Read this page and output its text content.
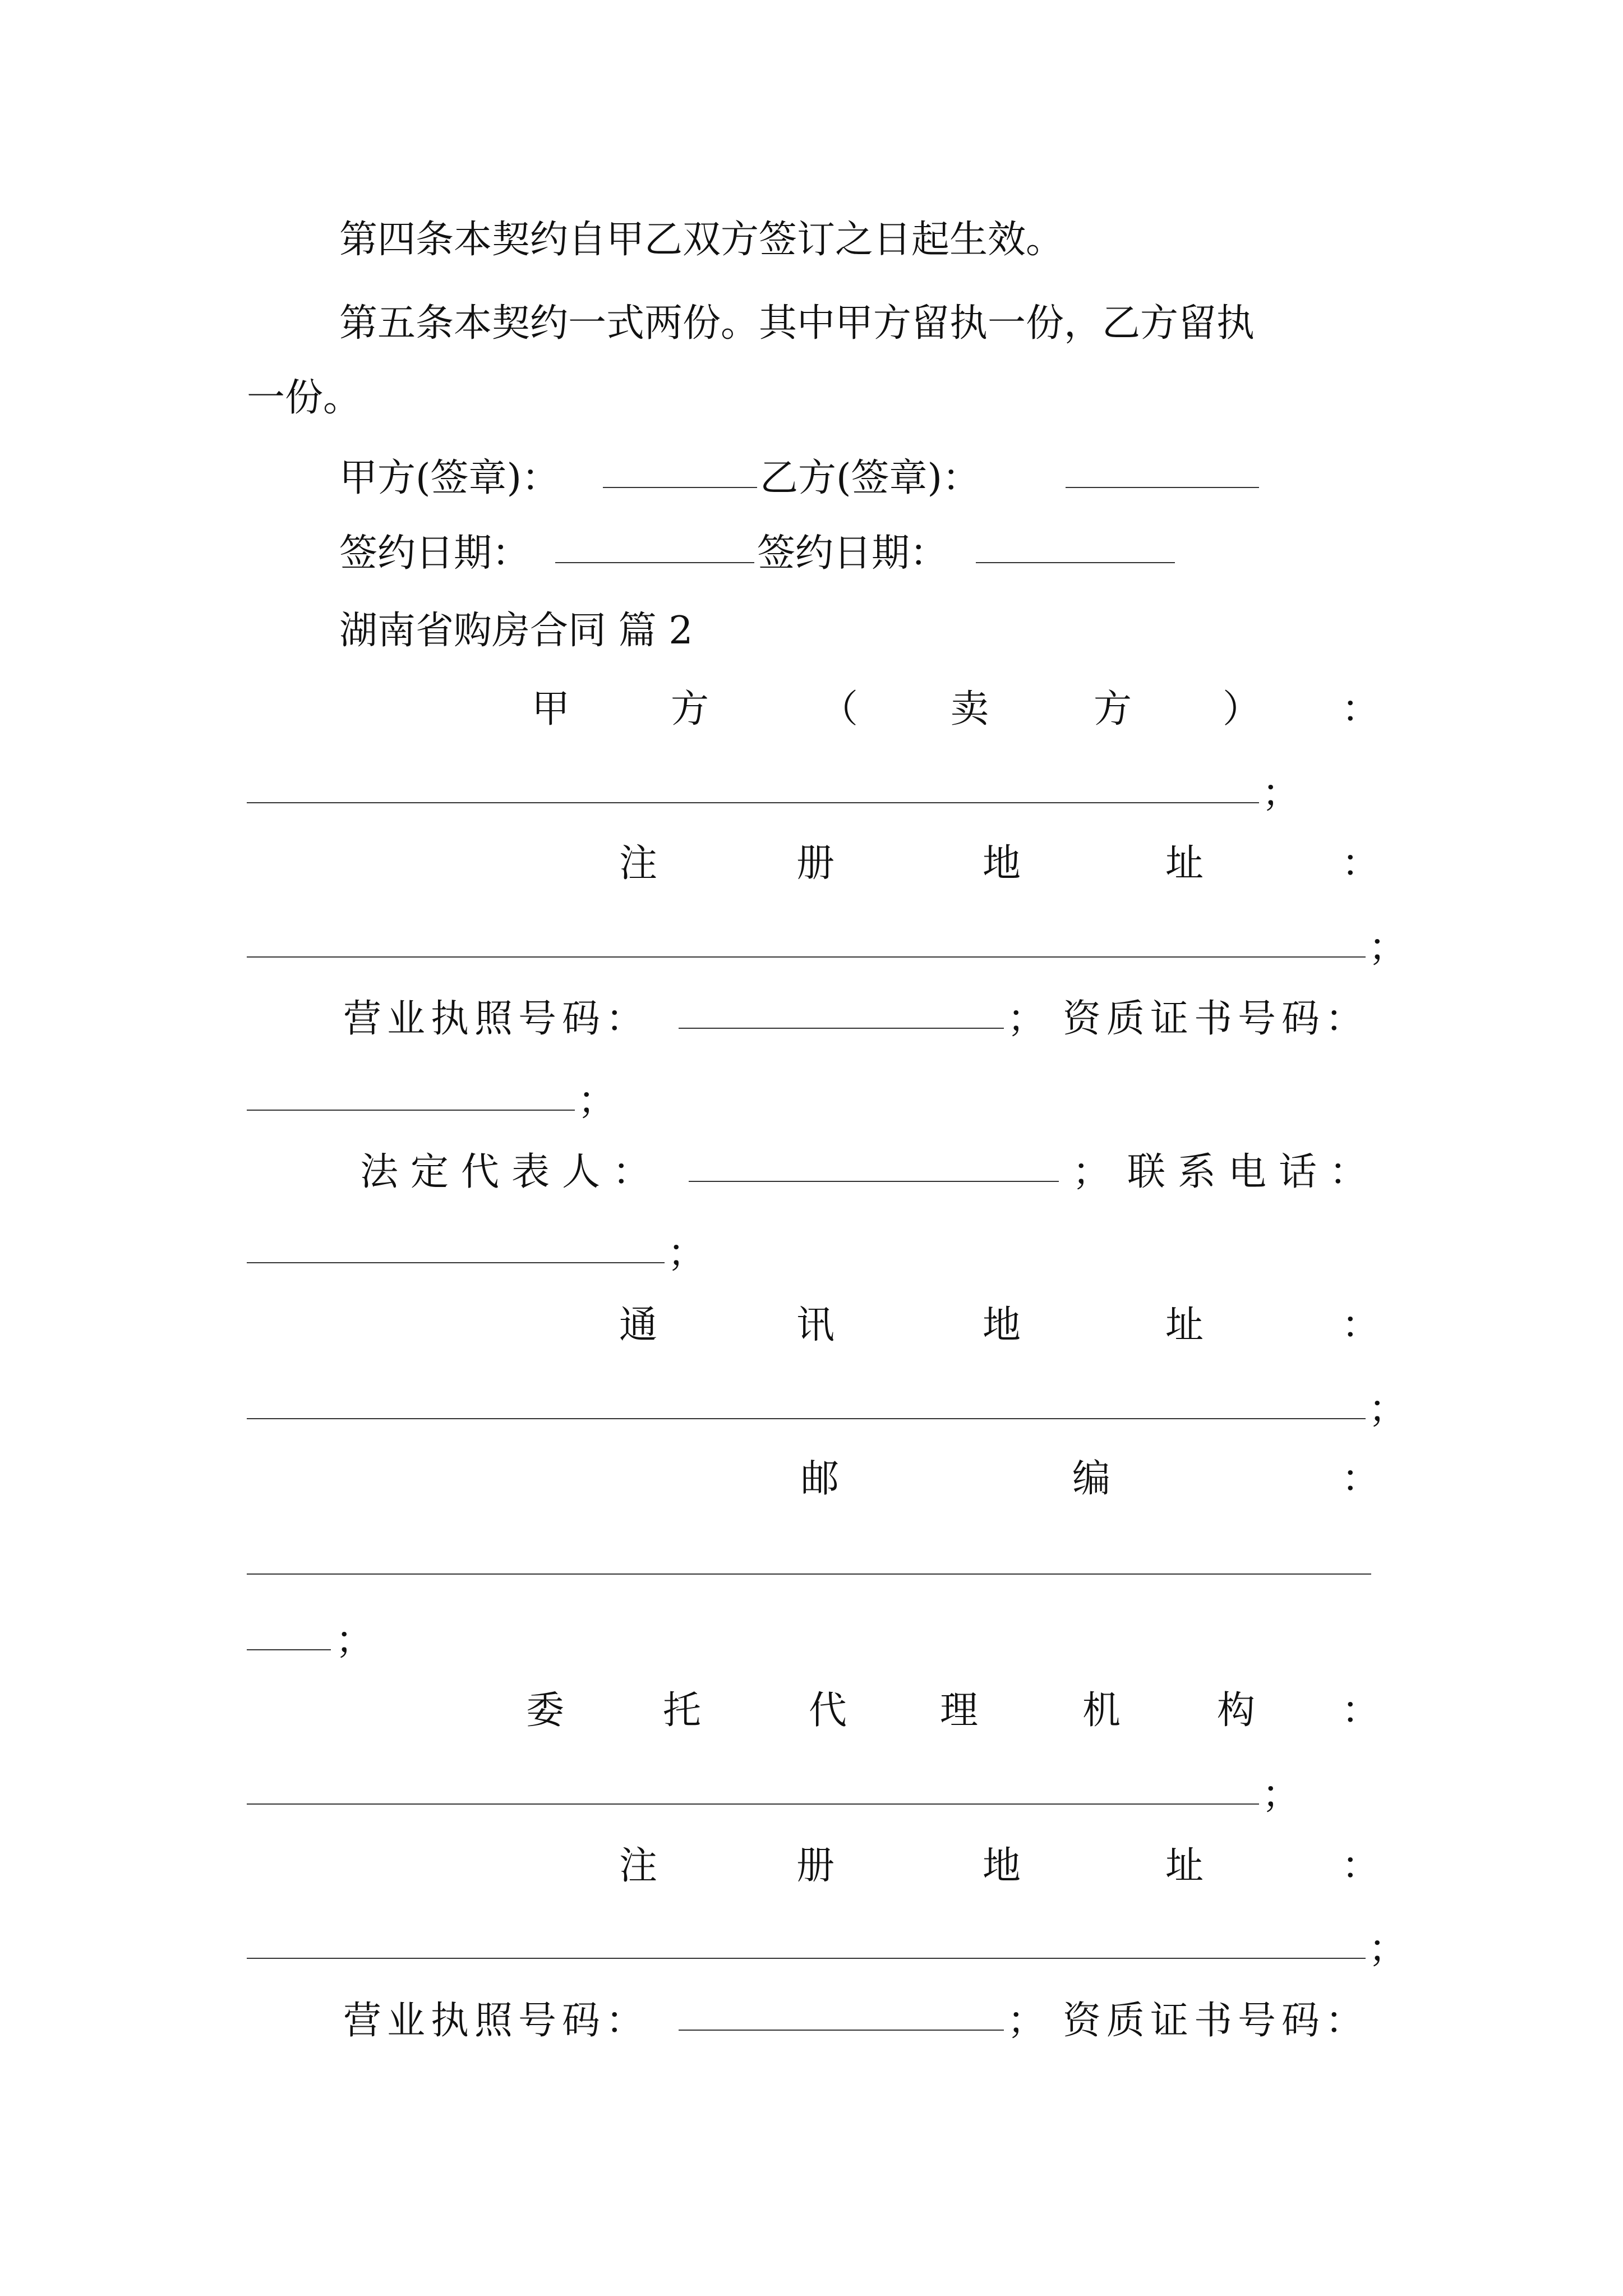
第四条本契约自甲乙双方签订之日起生效。
第五条本契约一式两份。其中甲方留执一份，乙方留执
一份。
甲方(签章)：	乙方(签章)：
签约日期：	签约日期：
湖南省购房合同 篇 2
甲	方	（ 卖	方 ） ：
；
注	册	地	址	：
；
营业执照号码：	； 资质证书号码：
；
法定代表人：	； 联系电话：
；
通	讯	地	址	：
；
邮	编	：
；
委	托	代 理	机	构 ：
；
注	册	地	址	：
；
营业执照号码：	； 资质证书号码：
